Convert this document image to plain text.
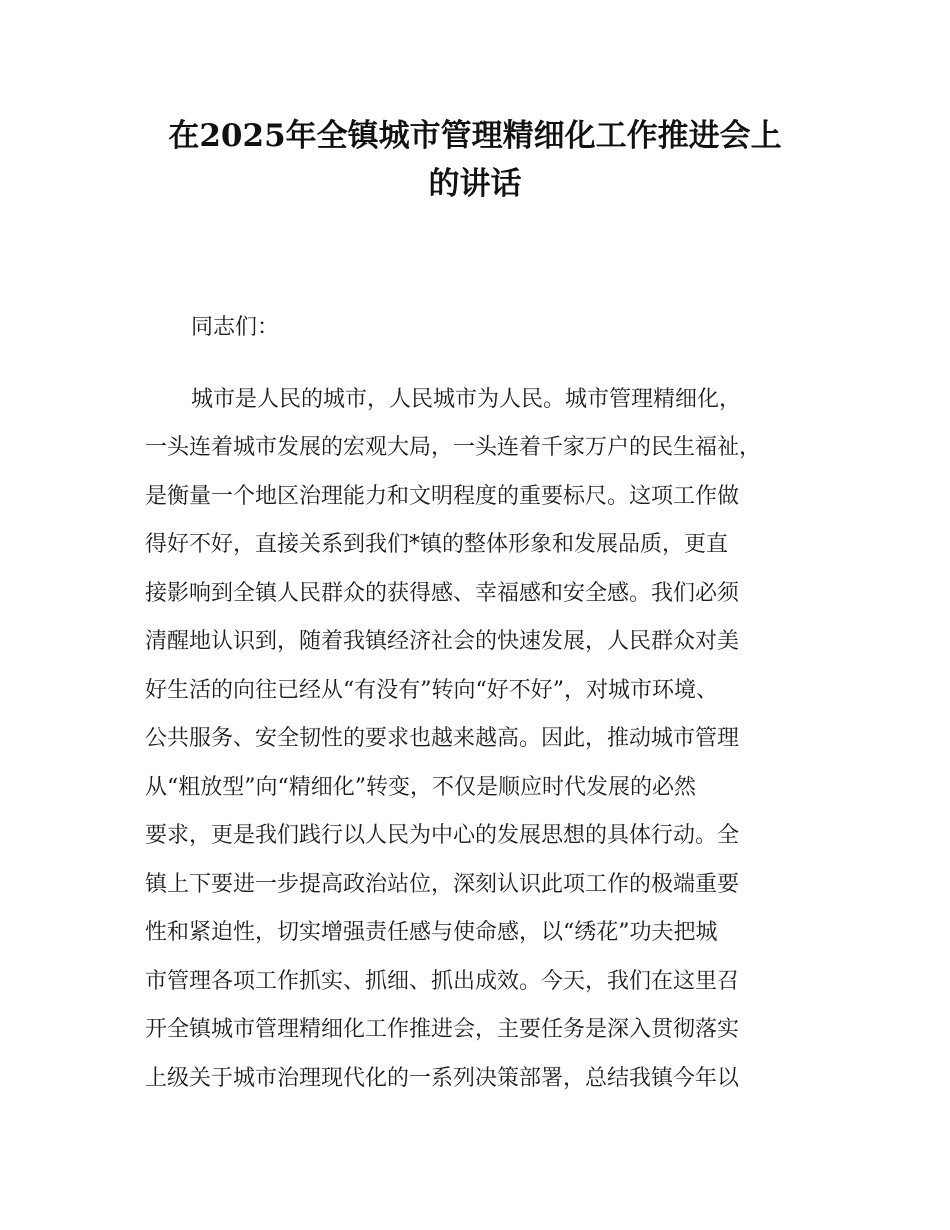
在2025年全镇城市管理精细化工作推进会上
的讲话

同志们：

城市是人民的城市，人民城市为人民。城市管理精细化，
一头连着城市发展的宏观大局，一头连着千家万户的民生福祉，
是衡量一个地区治理能力和文明程度的重要标尺。这项工作做
得好不好，直接关系到我们*镇的整体形象和发展品质，更直
接影响到全镇人民群众的获得感、幸福感和安全感。我们必须
清醒地认识到，随着我镇经济社会的快速发展，人民群众对美
好生活的向往已经从“有没有”转向“好不好”，对城市环境、
公共服务、安全韧性的要求也越来越高。因此，推动城市管理
从“粗放型”向“精细化”转变，不仅是顺应时代发展的必然
要求，更是我们践行以人民为中心的发展思想的具体行动。全
镇上下要进一步提高政治站位，深刻认识此项工作的极端重要
性和紧迫性，切实增强责任感与使命感，以“绣花”功夫把城
市管理各项工作抓实、抓细、抓出成效。今天，我们在这里召
开全镇城市管理精细化工作推进会，主要任务是深入贯彻落实
上级关于城市治理现代化的一系列决策部署，总结我镇今年以
